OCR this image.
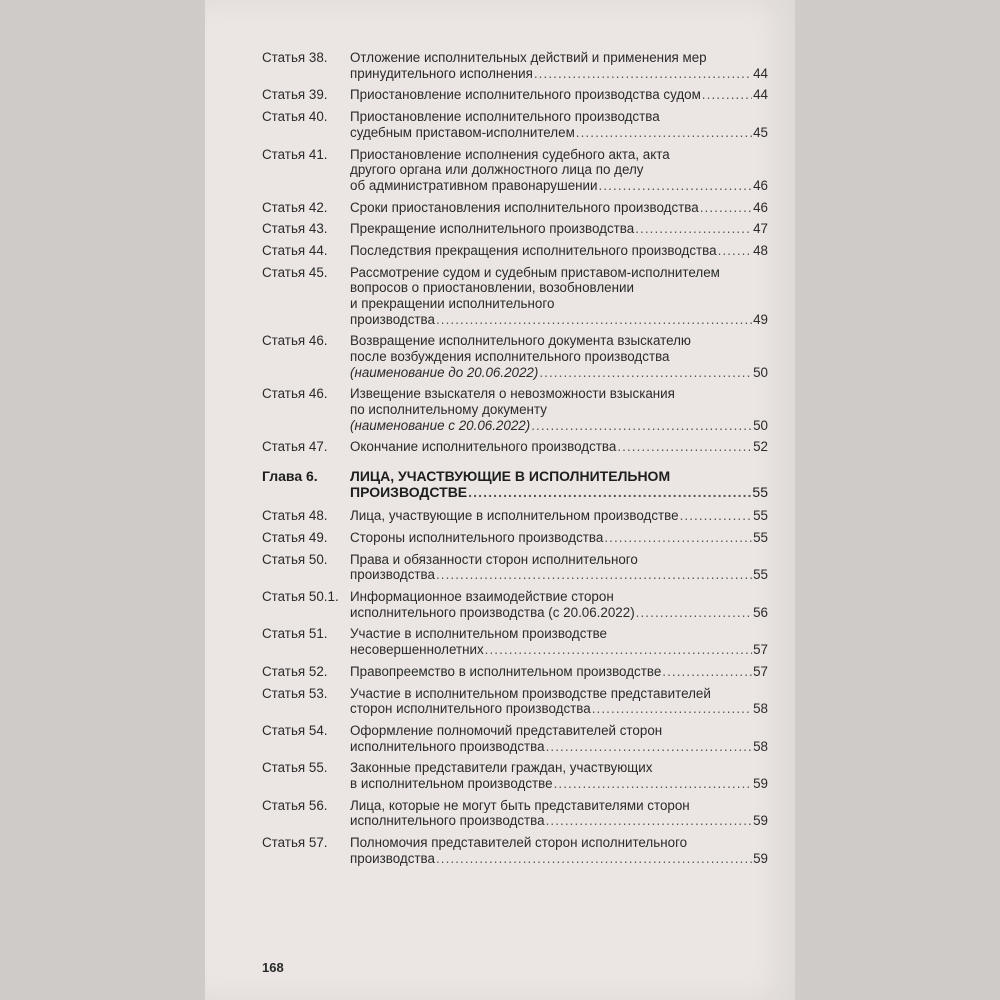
Статья 38.	Отложение исполнительных действий и применения мер
принудительного исполнения .....	44
Статья 39.	Приостановление исполнительного производства судом .....	44
Статья 40.	Приостановление исполнительного производства
судебным приставом-исполнителем .....	45
Статья 41.	Приостановление исполнения судебного акта, акта
другого органа или должностного лица по делу
об административном правонарушении .....	46
Статья 42.	Сроки приостановления исполнительного производства .....	46
Статья 43.	Прекращение исполнительного производства .....	47
Статья 44.	Последствия прекращения исполнительного производства .....	48
Статья 45.	Рассмотрение судом и судебным приставом-исполнителем
вопросов о приостановлении, возобновлении
и прекращении исполнительного
производства .....	49
Статья 46.	Возвращение исполнительного документа взыскателю
после возбуждения исполнительного производства
(наименование до 20.06.2022) .....	50
Статья 46.	Извещение взыскателя о невозможности взыскания
по исполнительному документу
(наименование с 20.06.2022) .....	50
Статья 47.	Окончание исполнительного производства .....	52
Глава 6.	ЛИЦА, УЧАСТВУЮЩИЕ В ИСПОЛНИТЕЛЬНОМ
ПРОИЗВОДСТВЕ .....	55
Статья 48.	Лица, участвующие в исполнительном производстве .....	55
Статья 49.	Стороны исполнительного производства .....	55
Статья 50.	Права и обязанности сторон исполнительного
производства .....	55
Статья 50.1. Информационное взаимодействие сторон
исполнительного производства (с 20.06.2022) .....	56
Статья 51.	Участие в исполнительном производстве
несовершеннолетних .....	57
Статья 52.	Правопреемство в исполнительном производстве .....	57
Статья 53.	Участие в исполнительном производстве представителей
сторон исполнительного производства .....	58
Статья 54.	Оформление полномочий представителей сторон
исполнительного производства .....	58
Статья 55.	Законные представители граждан, участвующих
в исполнительном производстве .....	59
Статья 56.	Лица, которые не могут быть представителями сторон
исполнительного производства .....	59
Статья 57.	Полномочия представителей сторон исполнительного
производства .....	59
168
